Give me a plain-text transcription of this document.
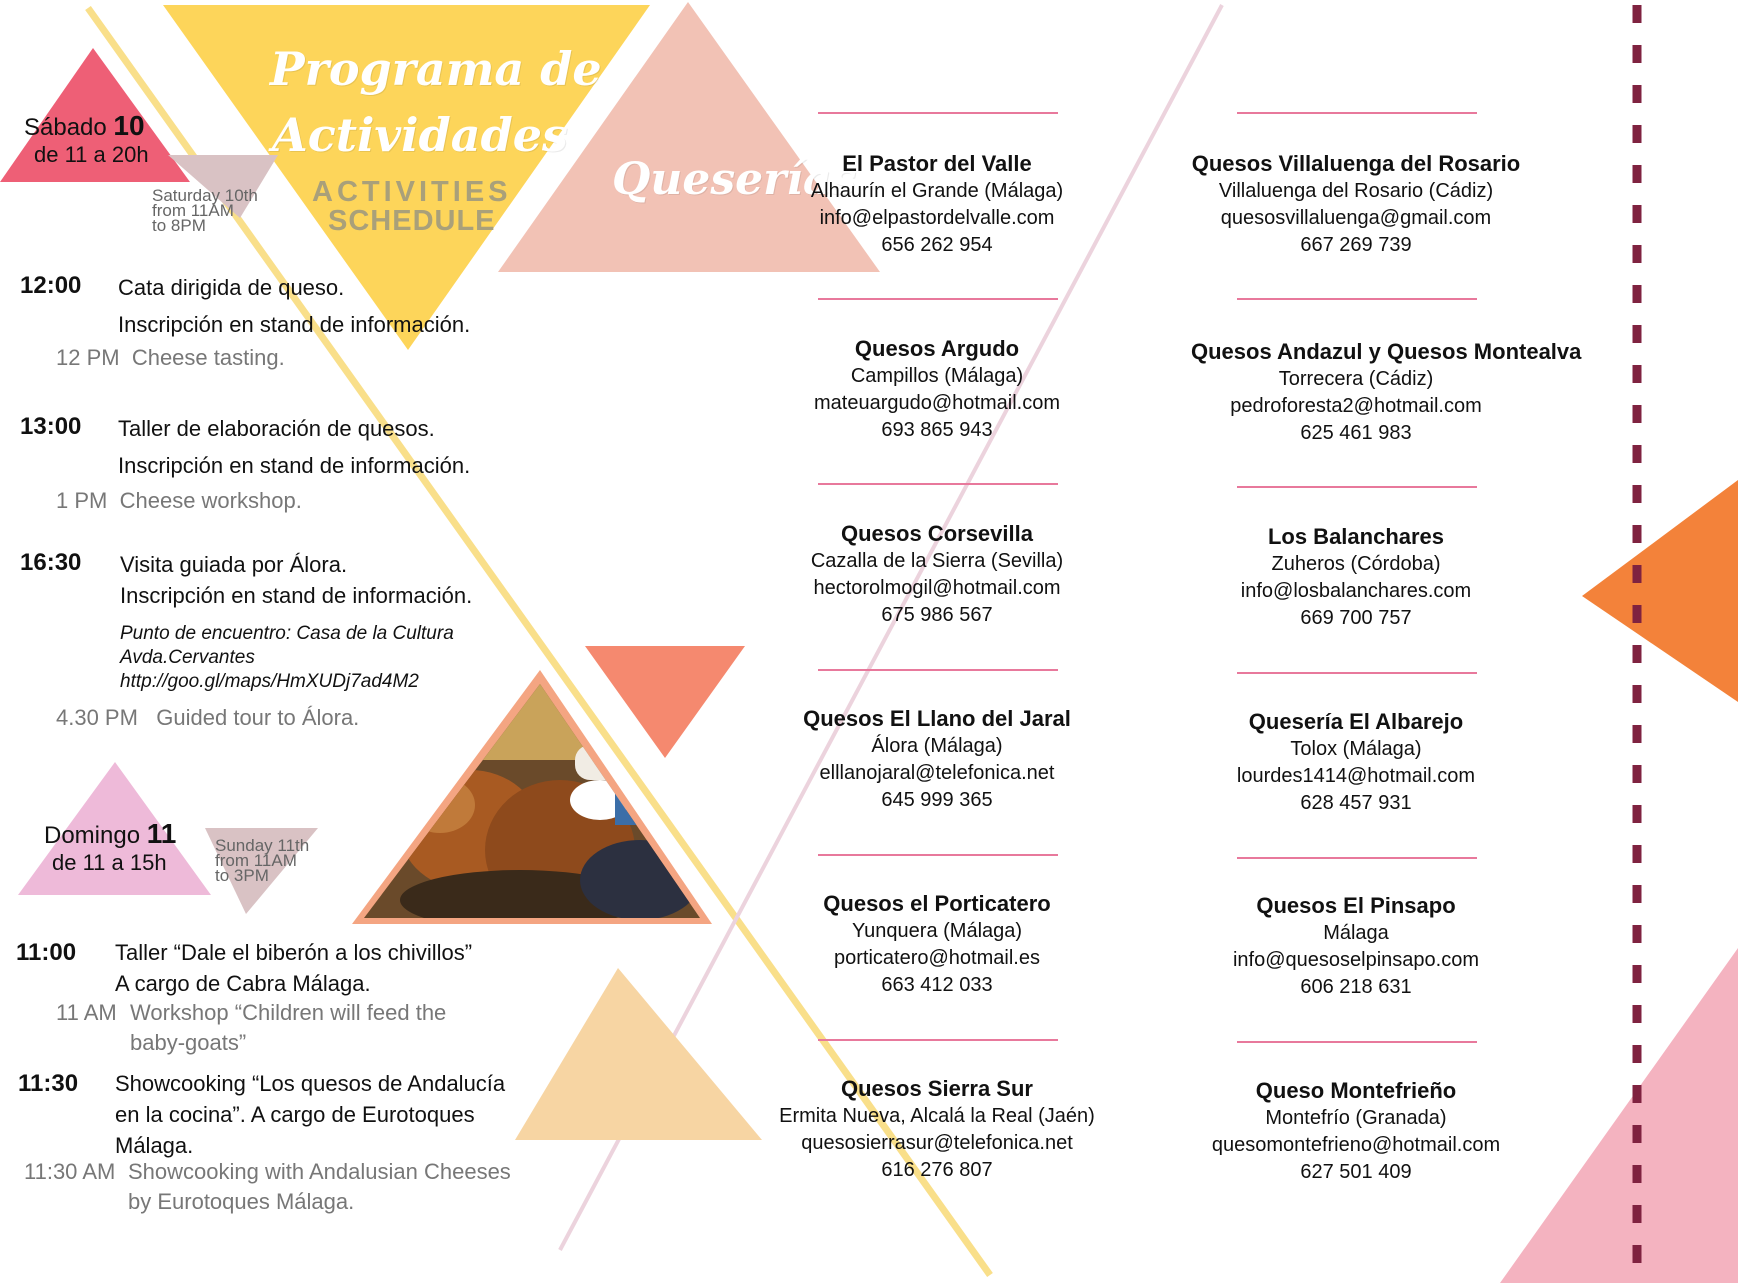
Programa de
Actividades
ACTIVITIES
SCHEDULE
Queserías
Sábado 10
de 11 a 20h
Saturday 10th
from 11AM
to 8PM
12:00 Cata dirigida de queso.
Inscripción en stand de información.
12 PM Cheese tasting.
13:00 Taller de elaboración de quesos.
Inscripción en stand de información.
1 PM Cheese workshop.
16:30 Visita guiada por Álora.
Inscripción en stand de información.
Punto de encuentro: Casa de la Cultura
Avda.Cervantes
http://goo.gl/maps/HmXUDj7ad4M2
4.30 PM Guided tour to Álora.
Domingo 11
de 11 a 15h
Sunday 11th
from 11AM
to 3PM
11:00 Taller “Dale el biberón a los chivillos”
A cargo de Cabra Málaga.
11 AM Workshop “Children will feed the
baby-goats”
11:30 Showcooking “Los quesos de Andalucía
en la cocina”. A cargo de Eurotoques
Málaga.
11:30 AM Showcooking with Andalusian Cheeses
by Eurotoques Málaga.
El Pastor del Valle
Alhaurín el Grande (Málaga)
info@elpastordelvalle.com
656 262 954
Quesos Argudo
Campillos (Málaga)
mateuargudo@hotmail.com
693 865 943
Quesos Corsevilla
Cazalla de la Sierra (Sevilla)
hectorolmogil@hotmail.com
675 986 567
Quesos El Llano del Jaral
Álora (Málaga)
elllanojaral@telefonica.net
645 999 365
Quesos el Porticatero
Yunquera (Málaga)
porticatero@hotmail.es
663 412 033
Quesos Sierra Sur
Ermita Nueva, Alcalá la Real (Jaén)
quesosierrasur@telefonica.net
616 276 807
Quesos Villaluenga del Rosario
Villaluenga del Rosario (Cádiz)
quesosvillaluenga@gmail.com
667 269 739
Quesos Andazul y Quesos Montealva
Torrecera (Cádiz)
pedroforesta2@hotmail.com
625 461 983
Los Balanchares
Zuheros (Córdoba)
info@losbalanchares.com
669 700 757
Quesería El Albarejo
Tolox (Málaga)
lourdes1414@hotmail.com
628 457 931
Quesos El Pinsapo
Málaga
info@quesoselpinsapo.com
606 218 631
Queso Montefrieño
Montefrío (Granada)
quesomontefrieno@hotmail.com
627 501 409
